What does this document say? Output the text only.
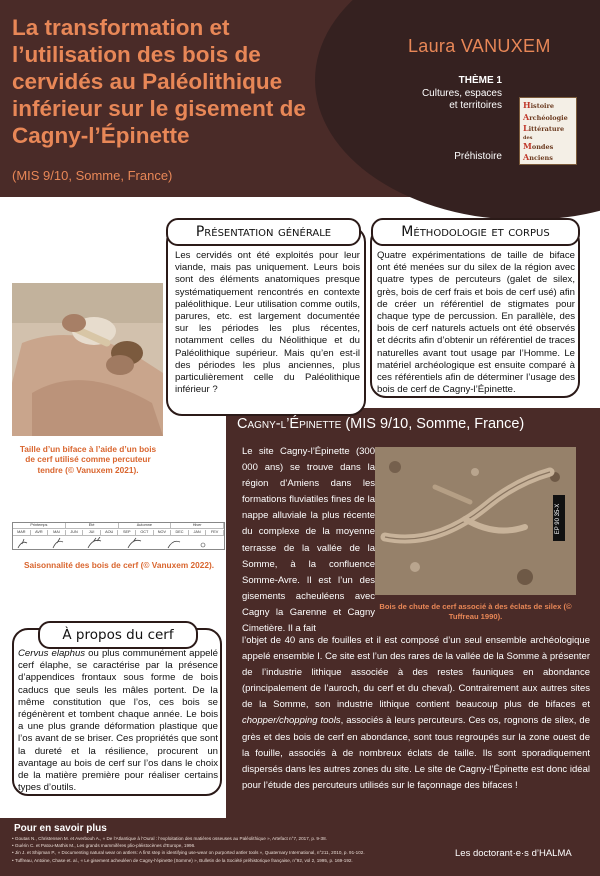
La transformation et l’utilisation des bois de cervidés au Paléolithique inférieur sur le gisement de Cagny-l’Épinette
(MIS 9/10, Somme, France)
Laura VANUXEM
THÈME 1
Cultures, espaces
et territoires
Préhistoire
Histoire
Archéologie
Littérature
des
Mondes
Anciens
Présentation générale
Les cervidés ont été exploités pour leur viande, mais pas uniquement. Leurs bois sont des éléments anatomiques presque systématiquement rencontrés en contexte paléolithique. Leur utilisation comme outils, parures, etc. est largement documentée sur les périodes les plus récentes, notamment celles du Néolithique et du Paléolithique supérieur. Mais qu’en est-il des périodes les plus anciennes, plus particulièrement celle du Paléolithique inférieur ?
Méthodologie et corpus
Quatre expérimentations de taille de biface ont été menées sur du silex de la région avec quatre types de percuteurs (galet de silex, grès, bois de cerf frais et bois de cerf usé) afin de créer un référentiel de stigmates pour chaque type de percussion. En parallèle, des bois de cerf naturels actuels ont été observés et décrits afin d’obtenir un référentiel de traces naturelles avant tout usage par l’Homme. Le matériel archéologique est ensuite comparé à ces référentiels afin de déterminer l’usage des bois de cerf de Cagny-l’Épinette.
Taille d’un biface à l’aide d’un bois de cerf utilisé comme percuteur tendre (© Vanuxem 2021).
Printemps	Été	Automne	Hiver
MAR	AVR	MAI	JUN	JUI	AOU	SEP	OCT	NOV	DEC	JAN	FEV
Saisonnalité des bois de cerf (© Vanuxem 2022).
À propos du cerf
Cervus elaphus ou plus communément appelé cerf élaphe, se caractérise par la présence d’appendices frontaux sous forme de bois caducs que seuls les mâles portent. De la même constitution que l’os, ces bois se régénèrent et tombent chaque année. Le bois a une plus grande déformation plastique que l’os avant de se briser. Ces propriétés que sont la dureté et la résilience, procurent un avantage au bois de cerf sur l’os dans le choix de la matière première pour réaliser certains types d’outils.
Cagny-l’Épinette (MIS 9/10, Somme, France)
Le site Cagny-l’Épinette (300 000 ans) se trouve dans la région d’Amiens dans les formations fluviatiles fines de la nappe alluviale la plus récente du complexe de la moyenne terrasse de la vallée de la Somme, à la confluence Somme-Avre. Il est l’un des gisements acheuléens avec Cagny la Garenne et Cagny Cimetière. Il a fait
EP 90 35-X
Bois de chute de cerf associé à des éclats de silex (© Tuffreau 1990).
l’objet de 40 ans de fouilles et il est composé d’un seul ensemble archéologique appelé ensemble I. Ce site est l’un des rares de la vallée de la Somme à présenter de l’industrie lithique associée à des restes fauniques en abondance (principalement de l’auroch, du cerf et du cheval). Contrairement aux autres sites de la Somme, son industrie lithique contient beaucoup plus de bifaces et chopper/chopping tools, associés à leurs percuteurs. Ces os, rognons de silex, de grès et des bois de cerf en abondance, sont tous regroupés sur la zone ouest de la fouille, associés à de nombreux éclats de taille. Ils sont sporadiquement dispersés dans les autres zones du site. Le site de Cagny-l’Épinette est donc idéal pour l’étude des percuteurs utilisés sur le façonnage des bifaces !
Pour en savoir plus
• Goutas N., Christensen M. et Averbouh A., « De l’Atlantique à l’Oural : l’exploitation des matières osseuses au Paléolithique », Artefact n°7, 2017, p. 9-38.
• Guérin C. et Patou-Mathis M., Les grands mammifères plio-pléistocènes d’Europe, 1996.
• Jin J. et Shipman P., « Documenting natural wear on antlers: A first step in identifying use-wear on purported antler tools », Quaternary International, n°211, 2010, p. 91-102.
• Tuffreau, Antoine, Chase et. al., « Le gisement acheuléen de Cagny-l’épinette (Somme) », Bulletin de la Société préhistorique française, n°92, vol 2, 1995, p. 169-192.
Les doctorant·e·s d’HALMA
